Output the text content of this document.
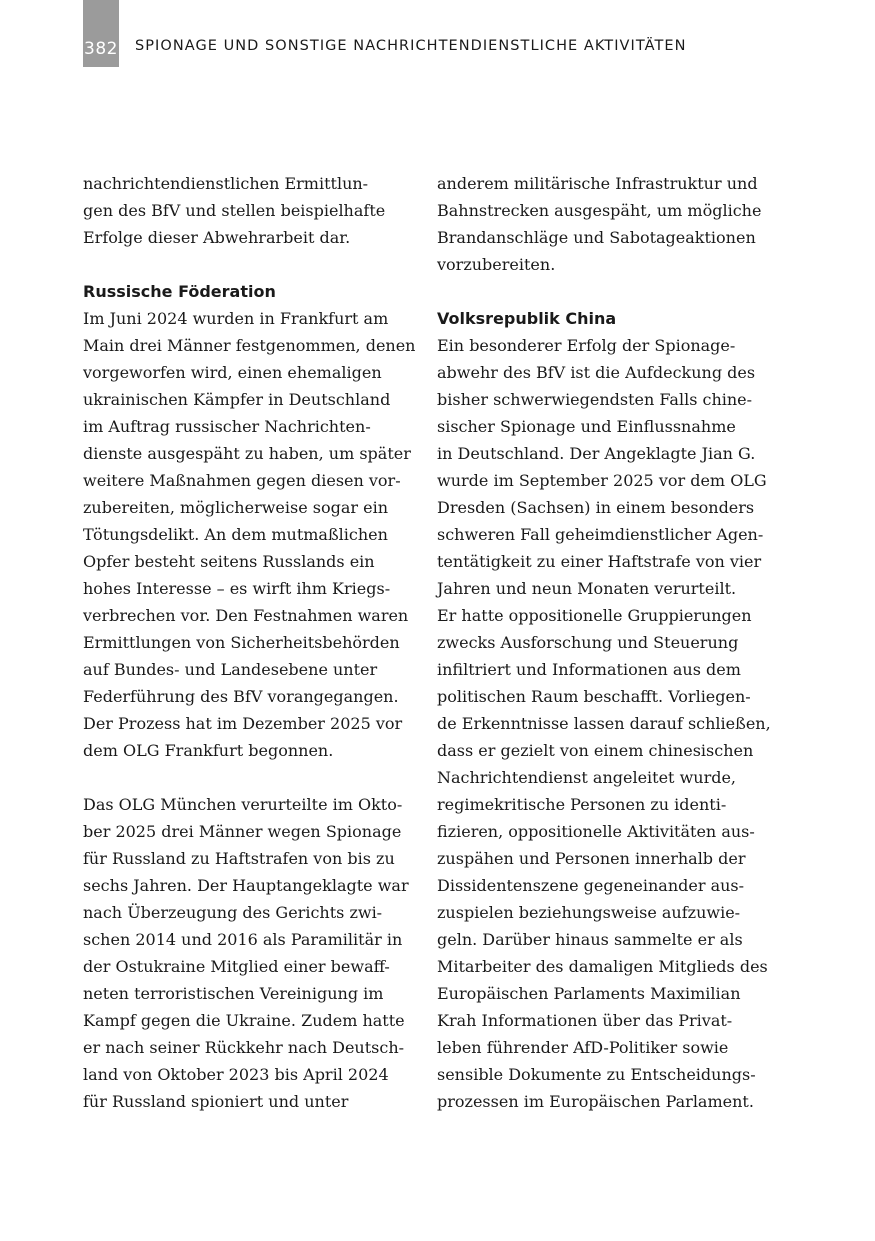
382 SPIONAGE UND SONSTIGE NACHRICHTENDIENSTLICHE AKTIVITÄTEN
nachrichtendienstlichen Ermittlun-
gen des BfV und stellen beispielhafte
Erfolge dieser Abwehrarbeit dar.
Russische Föderation
Im Juni 2024 wurden in Frankfurt am
Main drei Männer festgenommen, denen
vorgeworfen wird, einen ehemaligen
ukrainischen Kämpfer in Deutschland
im Auftrag russischer Nachrichten-
dienste ausgespäht zu haben, um später
weitere Maßnahmen gegen diesen vor-
zubereiten, möglicherweise sogar ein
Tötungsdelikt. An dem mutmaßlichen
Opfer besteht seitens Russlands ein
hohes Interesse – es wirft ihm Kriegs-
verbrechen vor. Den Festnahmen waren
Ermittlungen von Sicherheitsbehörden
auf Bundes- und Landesebene unter
Federführung des BfV vorangegangen.
Der Prozess hat im Dezember 2025 vor
dem OLG Frankfurt begonnen.
Das OLG München verurteilte im Okto-
ber 2025 drei Männer wegen Spionage
für Russland zu Haftstrafen von bis zu
sechs Jahren. Der Hauptangeklagte war
nach Überzeugung des Gerichts zwi-
schen 2014 und 2016 als Paramilitär in
der Ostukraine Mitglied einer bewaff-
neten terroristischen Vereinigung im
Kampf gegen die Ukraine. Zudem hatte
er nach seiner Rückkehr nach Deutsch-
land von Oktober 2023 bis April 2024
für Russland spioniert und unter
anderem militärische Infrastruktur und
Bahnstrecken ausgespäht, um mögliche
Brandanschläge und Sabotageaktionen
vorzubereiten.
Volksrepublik China
Ein besonderer Erfolg der Spionage-
abwehr des BfV ist die Aufdeckung des
bisher schwerwiegendsten Falls chine-
sischer Spionage und Einflussnahme
in Deutschland. Der Angeklagte Jian G.
wurde im September 2025 vor dem OLG
Dresden (Sachsen) in einem besonders
schweren Fall geheimdienstlicher Agen-
tentätigkeit zu einer Haftstrafe von vier
Jahren und neun Monaten verurteilt.
Er hatte oppositionelle Gruppierungen
zwecks Ausforschung und Steuerung
infiltriert und Informationen aus dem
politischen Raum beschafft. Vorliegen-
de Erkenntnisse lassen darauf schließen,
dass er gezielt von einem chinesischen
Nachrichtendienst angeleitet wurde,
regimekritische Personen zu identi-
fizieren, oppositionelle Aktivitäten aus-
zuspähen und Personen innerhalb der
Dissidentenszene gegeneinander aus-
zuspielen beziehungsweise aufzuwie-
geln. Darüber hinaus sammelte er als
Mitarbeiter des damaligen Mitglieds des
Europäischen Parlaments Maximilian
Krah Informationen über das Privat-
leben führender AfD-Politiker sowie
sensible Dokumente zu Entscheidungs-
prozessen im Europäischen Parlament.
